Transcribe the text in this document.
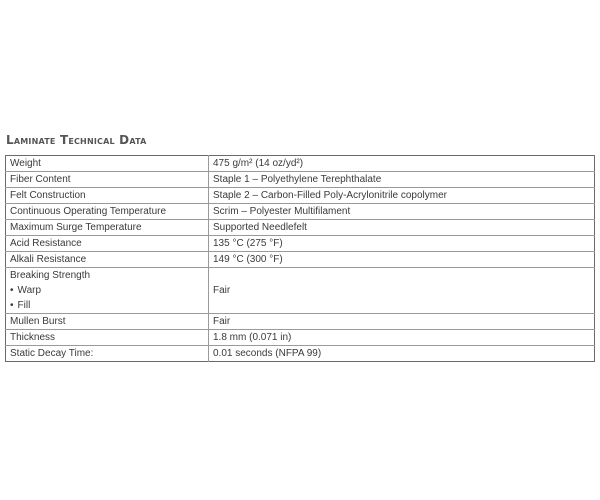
Laminate Technical Data
Weight	475 g/m² (14 oz/yd²)
Fiber Content	Staple 1 – Polyethylene Terephthalate
Felt Construction	Staple 2 – Carbon-Filled Poly-Acrylonitrile copolymer
Continuous Operating Temperature	Scrim – Polyester Multifilament
Maximum Surge Temperature	Supported Needlefelt
Acid Resistance	135 °C (275 °F)
Alkali Resistance	149 °C (300 °F)

Breaking Strength
• Warp
• Fill	Fair
Mullen Burst	Fair
Thickness	1.8 mm (0.071 in)
Static Decay Time:	0.01 seconds (NFPA 99)
